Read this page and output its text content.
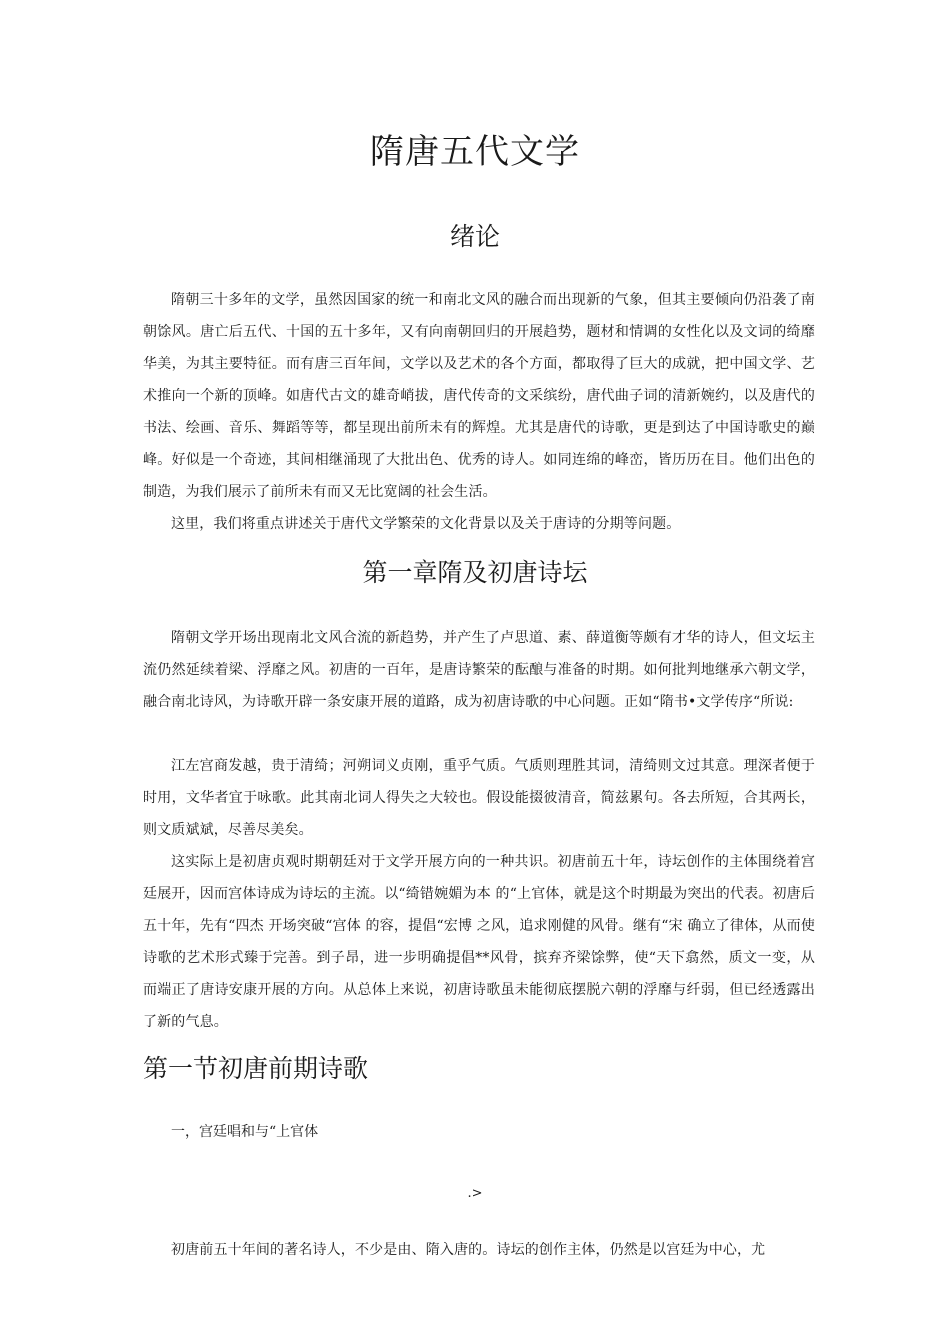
隋唐五代文学
绪论

隋朝三十多年的文学，虽然因国家的统一和南北文风的融合而出现新的气象，但其主要倾向仍沿袭了南朝馀风。唐亡后五代、十国的五十多年，又有向南朝回归的开展趋势，题材和情调的女性化以及文词的绮靡华美，为其主要特征。而有唐三百年间，文学以及艺术的各个方面，都取得了巨大的成就，把中国文学、艺术推向一个新的顶峰。如唐代古文的雄奇峭拔，唐代传奇的文采缤纷，唐代曲子词的清新婉约，以及唐代的书法、绘画、音乐、舞蹈等等，都呈现出前所未有的辉煌。尤其是唐代的诗歌，更是到达了中国诗歌史的巅峰。好似是一个奇迹，其间相继涌现了大批出色、优秀的诗人。如同连绵的峰峦，皆历历在目。他们出色的制造，为我们展示了前所未有而又无比宽阔的社会生活。

这里，我们将重点讲述关于唐代文学繁荣的文化背景以及关于唐诗的分期等问题。

第一章隋及初唐诗坛

隋朝文学开场出现南北文风合流的新趋势，并产生了卢思道、素、薛道衡等颇有才华的诗人，但文坛主流仍然延续着梁、浮靡之风。初唐的一百年，是唐诗繁荣的酝酿与准备的时期。如何批判地继承六朝文学，融合南北诗风，为诗歌开辟一条安康开展的道路，成为初唐诗歌的中心问题。正如“隋书•文学传序“所说:

江左宫商发越，贵于清绮；河朔词义贞刚，重乎气质。气质则理胜其词，清绮则文过其意。理深者便于时用，文华者宜于咏歌。此其南北词人得失之大较也。假设能掇彼清音，简兹累句。各去所短，合其两长，则文质斌斌，尽善尽美矣。

这实际上是初唐贞观时期朝廷对于文学开展方向的一种共识。初唐前五十年，诗坛创作的主体围绕着宫廷展开，因而宫体诗成为诗坛的主流。以“绮错婉媚为本 的“上官体，就是这个时期最为突出的代表。初唐后五十年，先有“四杰 开场突破“宫体 的容，提倡“宏博 之风，追求刚健的风骨。继有“宋 确立了律体，从而使诗歌的艺术形式臻于完善。到子昂，进一步明确提倡**风骨，摈弃齐梁馀弊，使“天下翕然，质文一变，从而端正了唐诗安康开展的方向。从总体上来说，初唐诗歌虽未能彻底摆脱六朝的浮靡与纤弱，但已经透露出了新的气息。

第一节初唐前期诗歌

一，宫廷唱和与“上官体

.>

初唐前五十年间的著名诗人，不少是由、隋入唐的。诗坛的创作主体，仍然是以宫廷为中心，尤
